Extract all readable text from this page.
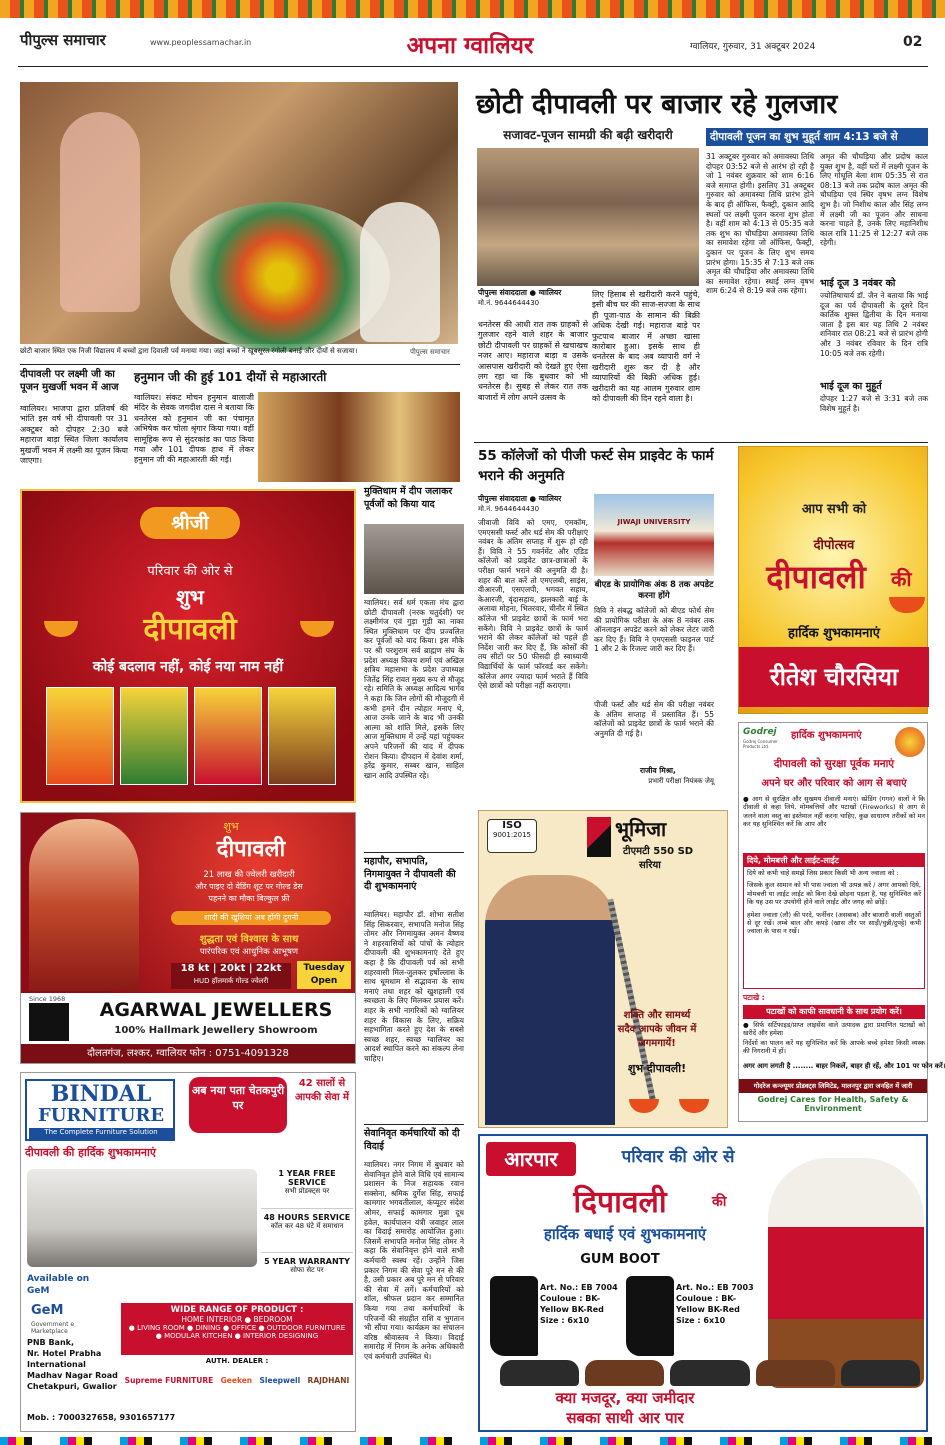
पीपुल्स समाचार	www.peoplessamachar.in	अपना ग्वालियर	ग्वालियर, गुरुवार, 31 अक्टूबर 2024	02
छोटी बाजार स्थित एक निजी विद्यालय में बच्चों द्वारा दिवाली पर्व मनाया गया। जहां बच्चों ने खूबसूरत रंगोली बनाई और दीयों से सजाया।	पीपुल्स समाचार
छोटी दीपावली पर बाजार रहे गुलजार
सजावट-पूजन सामग्री की बढ़ी खरीदारी
पीपुल्स संवाददाता ● ग्वालियर
मो.नं. 9644644430
धनतेरस की आधी रात तक ग्राहकों से गुलजार रहने वाले शहर के बाजार छोटी दीपावली पर ग्राहकों से खचाखच नजर आए। महाराज बाड़ा व उसके आसपास खरीदारी को देखते हुए ऐसा लग रहा था कि बुधवार को भी धनतेरस है। सुबह से लेकर रात तक बाजारों में लोग अपने उत्सव के
लिए हिसाब से खरीदारी करने पहुंचे, इसी बीच घर की साज-सज्जा के साथ ही पूजा-पाठ के सामान की बिक्री अधिक देखी गई। महाराज बाड़े पर फुटपाथ बाजार में अच्छा खासा कारोबार हुआ। इसके साथ ही धनतेरस के बाद अब व्यापारी वर्ग ने खरीदारी शुरू कर दी है और व्यापारियों की बिक्री अधिक हुई। खरीदारी का यह आलम गुरुवार शाम को दीपावली की दिन रहने वाला है।
दीपावली पूजन का शुभ मुहूर्त शाम 4:13 बजे से
31 अक्टूबर गुरुवार को अमावस्या तिथि दोपहर 03:52 बजे से आरंभ हो रही है जो 1 नवंबर शुक्रवार को शाम 6:16 बजे समाप्त होगी। इसलिए 31 अक्टूबर गुरुवार को अमावस्या तिथि प्रारंभ होने के बाद ही ऑफिस, फैक्ट्री, दुकान आदि स्थलों पर लक्ष्मी पूजन करना शुभ होता है। वहीं शाम को 4:13 से 05:35 बजे तक शुभ का चौघड़िया अमावस्या तिथि का समावेश रहेगा जो ऑफिस, फैक्ट्री, दुकान पर पूजन के लिए शुभ समय प्रारंभ होगा। 15:35 से 7:13 बजे तक अमृत की चौघड़िया और अमावस्या तिथि का समावेश रहेगा। स्थाई लग्न वृषभ शाम 6:24 से 8:19 बजे तक रहेगा।
अमृत की चौघड़िया और प्रदोष काल युक्त शुभ है, वहीं घरों में लक्ष्मी पूजन के लिए गोधूलि बेला शाम 05:35 से रात 08:13 बजे तक प्रदोष काल अमृत की चौघड़िया एवं स्थिर वृषभ लग्न विशेष शुभ है। जो निशीथ काल और सिंह लग्न में लक्ष्मी जी का पूजन और साधना करना चाहते हैं, उनके लिए महानिशीथ काल रात्रि 11:25 से 12:27 बजे तक रहेगी।
भाई दूज 3 नवंबर को
ज्योतिषाचार्य डॉ. जैन ने बताया कि भाई दूज का पर्व दीपावली के दूसरे दिन कार्तिक शुक्ल द्वितीया के दिन मनाया जाता है इस बार यह तिथि 2 नवंबर शनिवार रात 08:21 बजे से प्रारंभ होगी और 3 नवंबर रविवार के दिन रात्रि 10:05 बजे तक रहेगी।
भाई दूज का मुहूर्त
दोपहर 1:27 बजे से 3:31 बजे तक विशेष मुहूर्त है।
दीपावली पर लक्ष्मी जी का पूजन मुखर्जी भवन में आज
ग्वालियर। भाजपा द्वारा प्रतिवर्ष की भांति इस वर्ष भी दीपावली पर 31 अक्टूबर को दोपहर 2:30 बजे महाराज बाड़ा स्थित जिला कार्यालय मुखर्जी भवन में लक्ष्मी का पूजन किया जाएगा।
हनुमान जी की हुई 101 दीयों से महाआरती
ग्वालियर। संकट मोचन हनुमान बालाजी मंदिर के सेवक जगदीश दास ने बताया कि धनतेरस को हनुमान जी का पंचामृत अभिषेक कर चोला श्रृंगार किया गया। वहीं सामूहिक रूप से सुंदरकांड का पाठ किया गया और 101 दीपक हाथ में लेकर हनुमान जी की महाआरती की गई।
श्रीजी
परिवार की ओर से
शुभ
दीपावली
कोई बदलाव नहीं, कोई नया नाम नहीं
शुभ
दीपावली
21 लाख की ज्वेलरी खरीदारी
और पाइए दो वेडिंग शूट पर गोल्ड डेस
पहनने का मौका बिल्कुल फ्री
शादी की खुशियां अब होंगी दुगनी
शुद्धता एवं विश्वास के साथ
पारंपरिक एवं आधुनिक आभूषण
18 kt | 20kt | 22kt
HUD हॉलमार्क गोल्ड ज्वेलरी
Tuesday Open
Since 1968	AGARWAL JEWELLERS
100% Hallmark Jewellery Showroom
दौलतगंज, लश्कर, ग्वालियर फोन : 0751-4091328
BINDAL
FURNITURE
The Complete Furniture Solution
अब नया पता चेतकपुरी पर
42 सालों से आपकी सेवा में
दीपावली की हार्दिक शुभकामनाएं
1 YEAR FREE SERVICE
सभी प्रोडक्ट्स पर
48 HOURS SERVICE
कॉल कर 48 घंटे में समाधान
5 YEAR WARRANTY
सोफा सेट पर
Available on GeM
GeM
Government e Marketplace
WIDE RANGE OF PRODUCT :
HOME INTERIOR ● BEDROOM
● LIVING ROOM ● DINING ● OFFICE ● OUTDOOR FURNITURE
● MODULAR KITCHEN ● INTERIOR DESIGNING
AUTH. DEALER :
Supreme FURNITURE Geeken Sleepwell RAJDHANI
PNB Bank,
Nr. Hotel Prabha International
Madhav Nagar Road
Chetakpuri, Gwalior
Mob. : 7000327658, 9301657177
मुक्तिधाम में दीप जलाकर पूर्वजों को किया याद
ग्वालियर। सर्व धर्म एकता मंच द्वारा छोटी दीपावली (नरक चतुर्दशी) पर लक्ष्मीगंज एवं गुड़ा गुड़ी का नाका स्थित मुक्तिधाम पर दीप प्रज्वलित कर पूर्वजों को याद किया। इस मौके पर श्री परशुराम सर्व ब्राह्मण संघ के प्रदेश अध्यक्ष विजय शर्मा एवं अखिल क्षत्रिय महासभा के प्रदेश उपाध्यक्ष जितेंद्र सिंह रावत मुख्य रूप से मौजूद रहे। समिति के अध्यक्ष आदित्य भार्गव ने कहा कि जिन लोगों की मौजूदगी में कभी हमने दीन त्योहार मनाए थे, आज उनके जाने के बाद भी उनकी आत्मा को शांति मिले, इसके लिए आज मुक्तिधाम में उन्हें यहां पहुंचकर अपने परिजनों की याद में दीपक रोशन किया। दीपदान में देवांश शर्मा, हरेंद्र कुमार, सब्बर खान, साहिल खान आदि उपस्थित रहे।
महापौर, सभापति, निगमायुक्त ने दीपावली की दी शुभकामनाएं
ग्वालियर। महापौर डॉ. शोभा सतीश सिंह सिकरवार, सभापति मनोज सिंह तोमर और निगमायुक्त अमन वैष्णव ने शहरवासियों को पांचों के त्योहार दीपावली की शुभकामनाएं देते हुए कहा है कि दीपावली पर्व को सभी शहरवासी मिल-जुलकर हर्षोल्लास के साथ धूमधाम से सद्भावना के साथ मनाएं तथा शहर को खुशहाली एवं स्वच्छता के लिए मिलकर प्रयास करें। शहर के सभी नागरिकों को ग्वालियर शहर के विकास के लिए, सक्रिय सहभागिता करते हुए देश के सबसे स्वच्छ शहर, स्वच्छ ग्वालियर का आदर्श स्थापित करने का संकल्प लेना चाहिए।
सेवानिवृत कर्मचारियों को दी विदाई
ग्वालियर। नगर निगम में बुधवार को सेवानिवृत होने वाले विधि एवं सामान्य प्रशासन के निज सहायक रवान सक्सेना, श्रमिक दुर्गेश सिंह, सफाई कामगार भगवतीलाल, कंप्यूटर संदेश ओमर, सफाई कामगार मुन्ना दूध हवेल, कार्यपालन यंत्री जवाहर लाल का विदाई समारोह आयोजित हुआ। जिसमें सभापति मनोज सिंह तोमर ने कहा कि सेवानिवृत्त होने वाले सभी कर्मचारी स्वस्थ रहें। उन्होंने जिस प्रकार निगम की सेवा पूरे मन से की है, उसी प्रकार अब पूरे मन से परिवार की सेवा में लगें। कर्मचारियों को शॉल, श्रीफल प्रदान कर सम्मानित किया गया तथा कर्मचारियों के परिजनों की संग्रहीत राशि व भुगतान भी सौंपा गया। कार्यक्रम का संचालन वरिष्ठ श्रीवास्तव ने किया। विदाई समारोह में निगम के अनेक अधिकारी एवं कर्मचारी उपस्थित थे।
55 कॉलेजों को पीजी फर्स्ट सेम प्राइवेट के फार्म भराने की अनुमति
पीपुल्स संवाददाता ● ग्वालियर
मो.नं. 9644644430
जीवाजी विवि को एमए, एमकॉम, एमएससी फर्स्ट और थर्ड सेम की परीक्षाएं नवंबर के अंतिम सप्ताह में शुरू हो रही हैं। विवि ने 55 गवर्नमेंट और एडिड कॉलेजों को प्राइवेट छात्र-छात्राओं के परीक्षा फार्म भराने की अनुमति दी है। शहर की बात करें तो एमएलबी, साइंस, वीआरजी, एसएलपी, भगवत सहाय, केआरजी, वृंदासहाय, झलकारी बाई के अलावा मोहना, भितरवार, चीनौर में स्थित कॉलेज भी प्राइवेट छात्रों के फार्म भरा सकेंगे। विवि ने प्राइवेट छात्रों के फार्म भराने की लेकर कॉलेजों को पहले ही निर्देश जारी कर दिए हैं, कि कोर्सों की तय सीटों पर 50 फीसदी ही स्वाध्यायी विद्यार्थियों के फार्म फॉरवर्ड कर सकेंगे। कॉलेज अगर ज्यादा फार्म भराते हैं विवि ऐसे छात्रों को परीक्षा नहीं कराएगा।
JIWAJI UNIVERSITY
बीएड के प्रायोगिक अंक 8 तक अपडेट करना होंगे
विवि ने संबद्ध कॉलेजों को बीएड फोर्थ सेम की प्रायोगिक परीक्षा के अंक 8 नवंबर तक ऑनलाइन अपडेट करने को लेकर लेटर जारी कर दिए हैं। विवि ने एमएससी फाइनल पार्ट 1 और 2 के रिजल्ट जारी कर दिए हैं।
पीजी फर्स्ट और थर्ड सेम की परीक्षा नवंबर के अंतिम सप्ताह में प्रस्तावित हैं। 55 कॉलेजों को प्राइवेट छात्रों के फार्म भराने की अनुमति दी गई है।
राजीव मिश्रा,
प्रभारी परीक्षा नियंत्रक जेयू
आप सभी को
दीपोत्सव
दीपावली	की
हार्दिक शुभकामनाएं
रीतेश चौरसिया
ISO
9001:2015	भूमिजा
टीएमटी 550 SD
सरिया
शक्ति और सामर्थ्य
सदैव आपके जीवन में
जगमगायें!
शुभ दीपावली!
Godrej
Godrej Consumer Products Ltd.
हार्दिक शुभकामनाएं
दीपावली को सुरक्षा पूर्वक मनाएं
अपने घर और परिवार को आग से बचाएं
● आग से सुरक्षित और सुखमय दीवाली मनाएं। स्प्रेडिंग (गगन) वालों ने कि दीवाली से कहा लिये, मोमबत्तियों और पटाखों (Fireworks) से आग से जलने वाला वस्तु का इस्तेमाल नहीं करना चाहिए, कुछ साधारण तरीकों को मन कर यह सुनिश्चित करें कि आप और
दिये, मोमबत्ती और लाईट-लाईट
दिये को कभी चाहे समझें जिस प्रकार किसी भी अन्य ज्वाला को :
जिसके कुल सामान को भी पास ज्वाला भी उत्पन्न करें / अगर आपको दिये, मोमबत्ती या लाईट लाईट को बिना देखे छोड़ना पड़ता है, यह सुनिश्चित करें कि यह उस पर उपयोगी होने वाले लाईट और जगह को छोड़ें।
हमेशा ज्वाला (लौ) की परदे, फर्नीचर (असबाब) और बाजारी वाली वस्तुओं से दूर रखें। लम्बे बाल और कपड़े (खास तौर पर साड़ी/चुन्नी/दुपट्टे) कभी ज्वाला के पास न रखें।
पटाखे :
पटाखों को काफी सावधानी के साथ प्रयोग करें।
● सिर्फ सर्टिफाइड/प्राप्त लाइसेंस वाले उत्पादक द्वारा प्रमाणित पटाखों को खरीदें और हमेशा
निर्देशों का पालन करें यह सुनिश्चित करें कि आपके बच्चे हमेशा किसी व्यस्क की निगरानी में हों।
अगर आग लगती है ........ बाहर निकलें, बाहर ही रहें, और 101 पर फोन करें।
गोदरेज कन्ज्यूमर प्रोडक्ट्स लिमिटेड, मालनपुर द्वारा जनहित में जारी
Godrej Cares for Health, Safety & Environment
आरपार	परिवार की ओर से
दिपावली	की
हार्दिक बधाई एवं शुभकामनाएं
GUM BOOT
Art. No.: EB 7004
Couloue : BK-Yellow BK-Red
Size : 6x10
Art. No.: EB 7003
Couloue : BK-Yellow BK-Red
Size : 6x10
क्या मजदूर, क्या जमीदार
सबका साथी आर पार
